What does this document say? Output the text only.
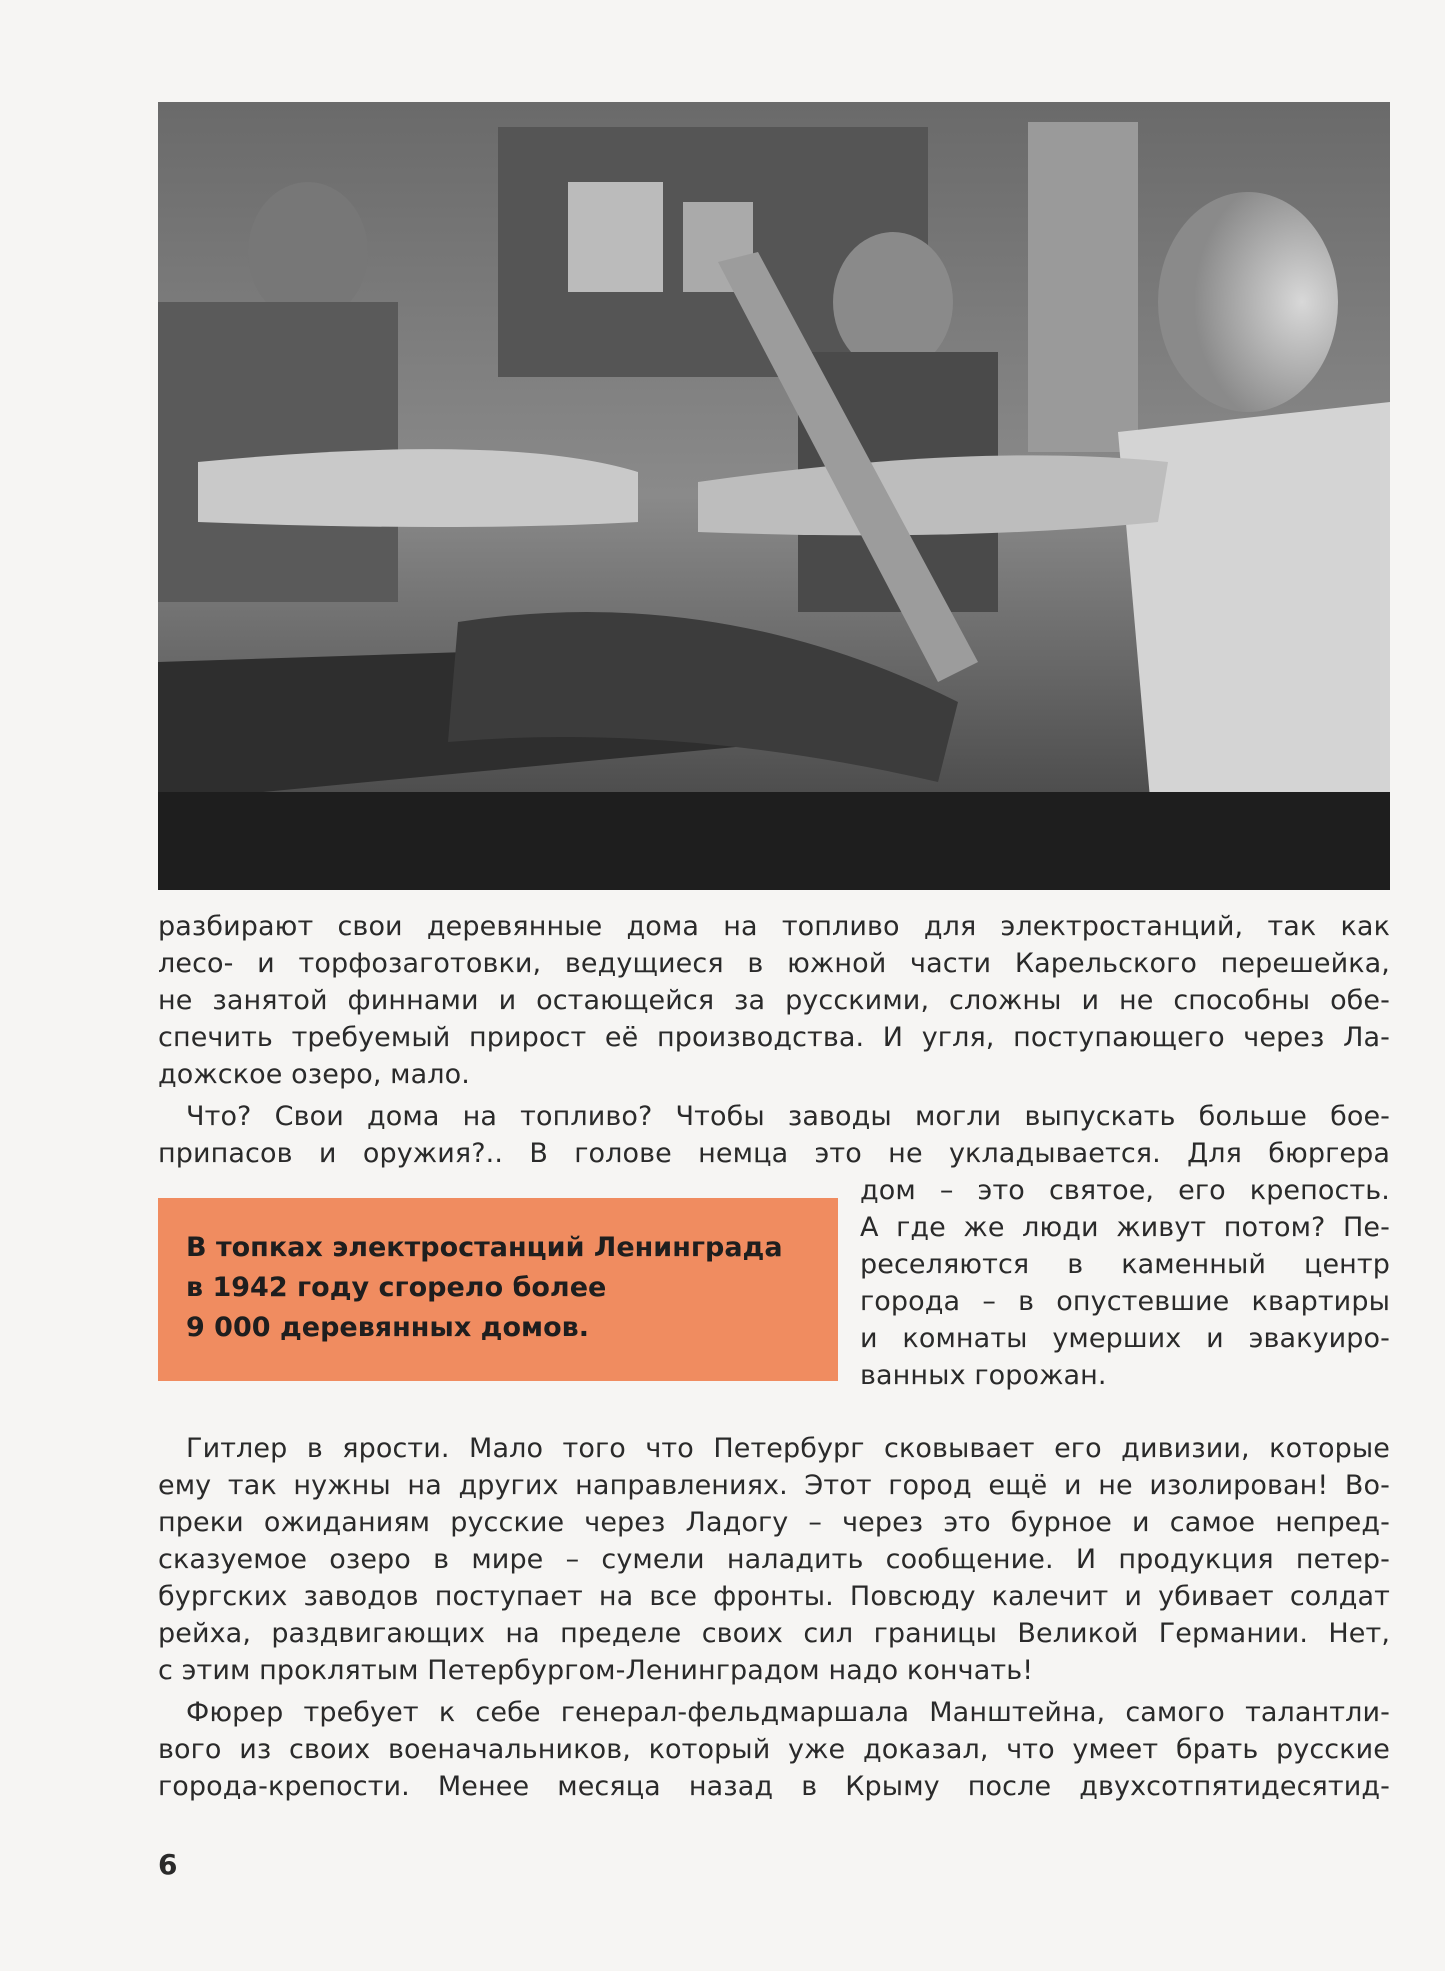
разбирают свои деревянные дома на топливо для электростанций, так как
лесо- и торфозаготовки, ведущиеся в южной части Карельского перешейка,
не занятой финнами и остающейся за русскими, сложны и не способны обе-
спечить требуемый прирост её производства. И угля, поступающего через Ла-
дожское озеро, мало.
Что? Свои дома на топливо? Чтобы заводы могли выпускать больше бое-
припасов и оружия?.. В голове немца это не укладывается. Для бюргера
дом – это святое, его крепость.
А где же люди живут потом? Пе-
реселяются в каменный центр
города – в опустевшие квартиры
и комнаты умерших и эвакуиро-
ванных горожан.
В топках электростанций Ленинграда
в 1942 году сгорело более
9 000 деревянных домов.
Гитлер в ярости. Мало того что Петербург сковывает его дивизии, которые
ему так нужны на других направлениях. Этот город ещё и не изолирован! Во-
преки ожиданиям русские через Ладогу – через это бурное и самое непред-
сказуемое озеро в мире – сумели наладить сообщение. И продукция петер-
бургских заводов поступает на все фронты. Повсюду калечит и убивает солдат
рейха, раздвигающих на пределе своих сил границы Великой Германии. Нет,
с этим проклятым Петербургом-Ленинградом надо кончать!
Фюрер требует к себе генерал-фельдмаршала Манштейна, самого талантли-
вого из своих военачальников, который уже доказал, что умеет брать русские
города-крепости. Менее месяца назад в Крыму после двухсотпятидесятид-
6
